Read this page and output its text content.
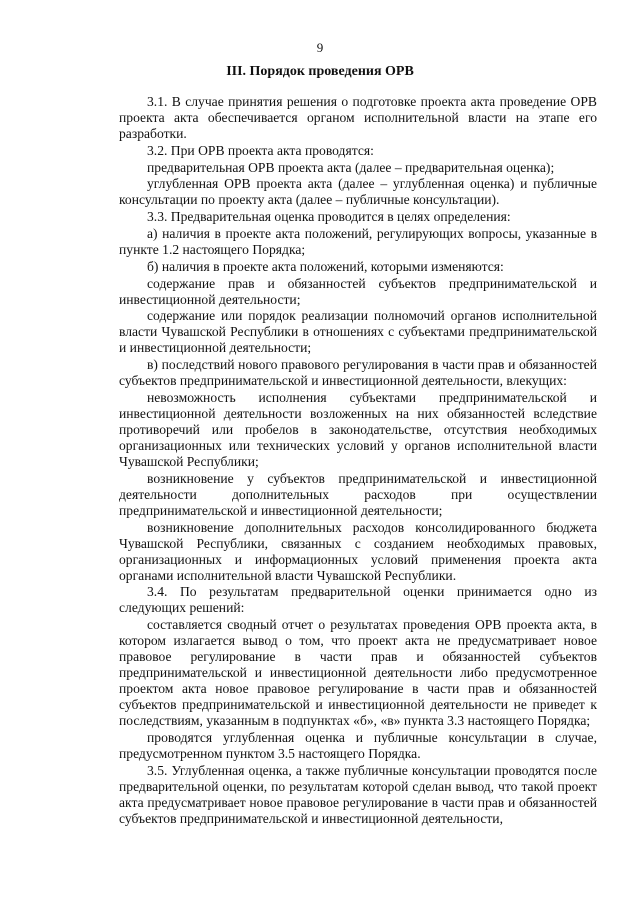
9
III. Порядок проведения ОРВ

3.1. В случае принятия решения о подготовке проекта акта проведение ОРВ проекта акта обеспечивается органом исполнительной власти на этапе его разработки.

3.2. При ОРВ проекта акта проводятся:

предварительная ОРВ проекта акта (далее – предварительная оценка);

углубленная ОРВ проекта акта (далее – углубленная оценка) и публичные консультации по проекту акта (далее – публичные консультации).

3.3. Предварительная оценка проводится в целях определения:

а) наличия в проекте акта положений, регулирующих вопросы, указанные в пункте 1.2 настоящего Порядка;

б) наличия в проекте акта положений, которыми изменяются:

содержание прав и обязанностей субъектов предпринимательской и инвестиционной деятельности;

содержание или порядок реализации полномочий органов исполнительной власти Чувашской Республики в отношениях с субъектами предпринимательской и инвестиционной деятельности;

в) последствий нового правового регулирования в части прав и обязанностей субъектов предпринимательской и инвестиционной деятельности, влекущих:

невозможность исполнения субъектами предпринимательской и инвестиционной деятельности возложенных на них обязанностей вследствие противоречий или пробелов в законодательстве, отсутствия необходимых организационных или технических условий у органов исполнительной власти Чувашской Республики;

возникновение у субъектов предпринимательской и инвестиционной деятельности дополнительных расходов при осуществлении предпринимательской и инвестиционной деятельности;

возникновение дополнительных расходов консолидированного бюджета Чувашской Республики, связанных с созданием необходимых правовых, организационных и информационных условий применения проекта акта органами исполнительной власти Чувашской Республики.

3.4. По результатам предварительной оценки принимается одно из следующих решений:

составляется сводный отчет о результатах проведения ОРВ проекта акта, в котором излагается вывод о том, что проект акта не предусматривает новое правовое регулирование в части прав и обязанностей субъектов предпринимательской и инвестиционной деятельности либо предусмотренное проектом акта новое правовое регулирование в части прав и обязанностей субъектов предпринимательской и инвестиционной деятельности не приведет к последствиям, указанным в подпунктах «б», «в» пункта 3.3 настоящего Порядка;

проводятся углубленная оценка и публичные консультации в случае, предусмотренном пунктом 3.5 настоящего Порядка.

3.5. Углубленная оценка, а также публичные консультации проводятся после предварительной оценки, по результатам которой сделан вывод, что такой проект акта предусматривает новое правовое регулирование в части прав и обязанностей субъектов предпринимательской и инвестиционной деятельности,
